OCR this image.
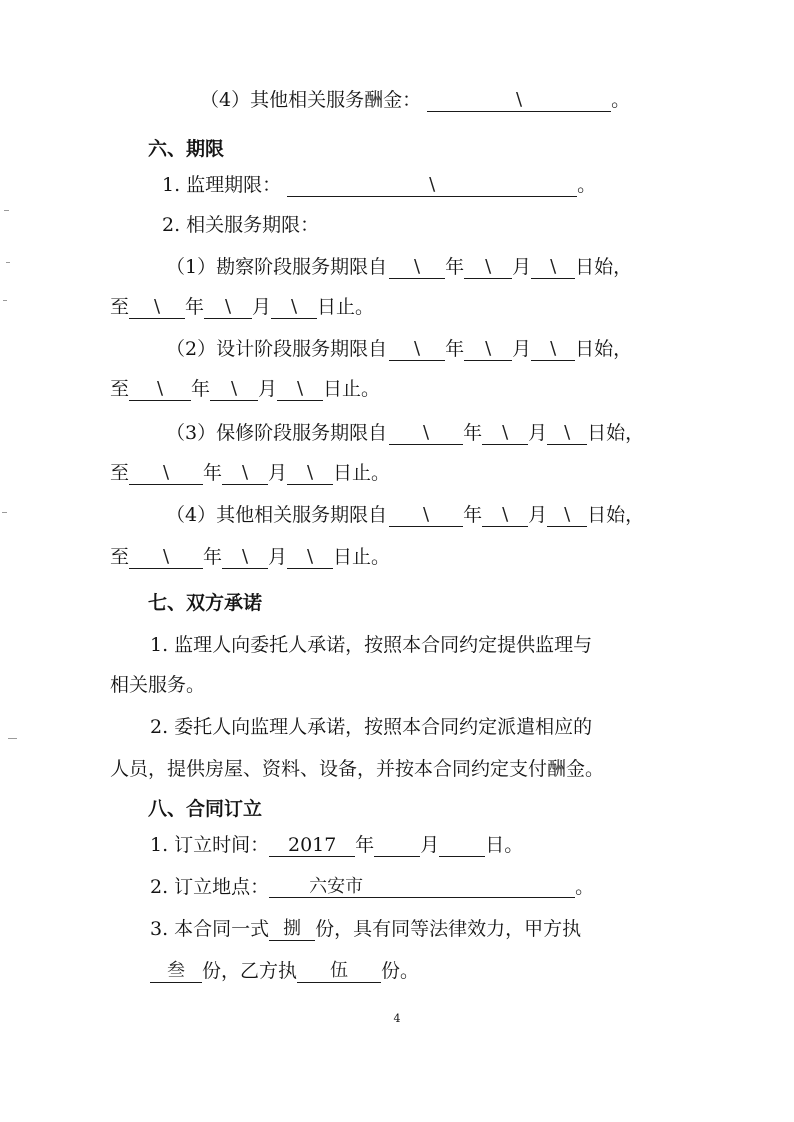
（4）其他相关服务酬金：	\	。
六、期限
1. 监理期限：	\	。
2. 相关服务期限：
（1）勘察阶段服务期限自 \ 年 \ 月 \ 日始，
至 \ 年 \ 月 \ 日止。
（2）设计阶段服务期限自 \ 年 \ 月 \ 日始，
至 \ 年 \ 月 \ 日止。
（3）保修阶段服务期限自 \ 年 \ 月 \ 日始，
至 \ 年 \ 月 \ 日止。
（4）其他相关服务期限自 \ 年 \ 月 \ 日始，
至 \ 年 \ 月 \ 日止。
七、双方承诺
1. 监理人向委托人承诺，按照本合同约定提供监理与
相关服务。
2. 委托人向监理人承诺，按照本合同约定派遣相应的
人员，提供房屋、资料、设备，并按本合同约定支付酬金。
八、合同订立
1. 订立时间： 2017 年 月 日。
2. 订立地点： 六安市	。
3. 本合同一式 捌 份，具有同等法律效力，甲方执
叁 份，乙方执 伍 份。
4
